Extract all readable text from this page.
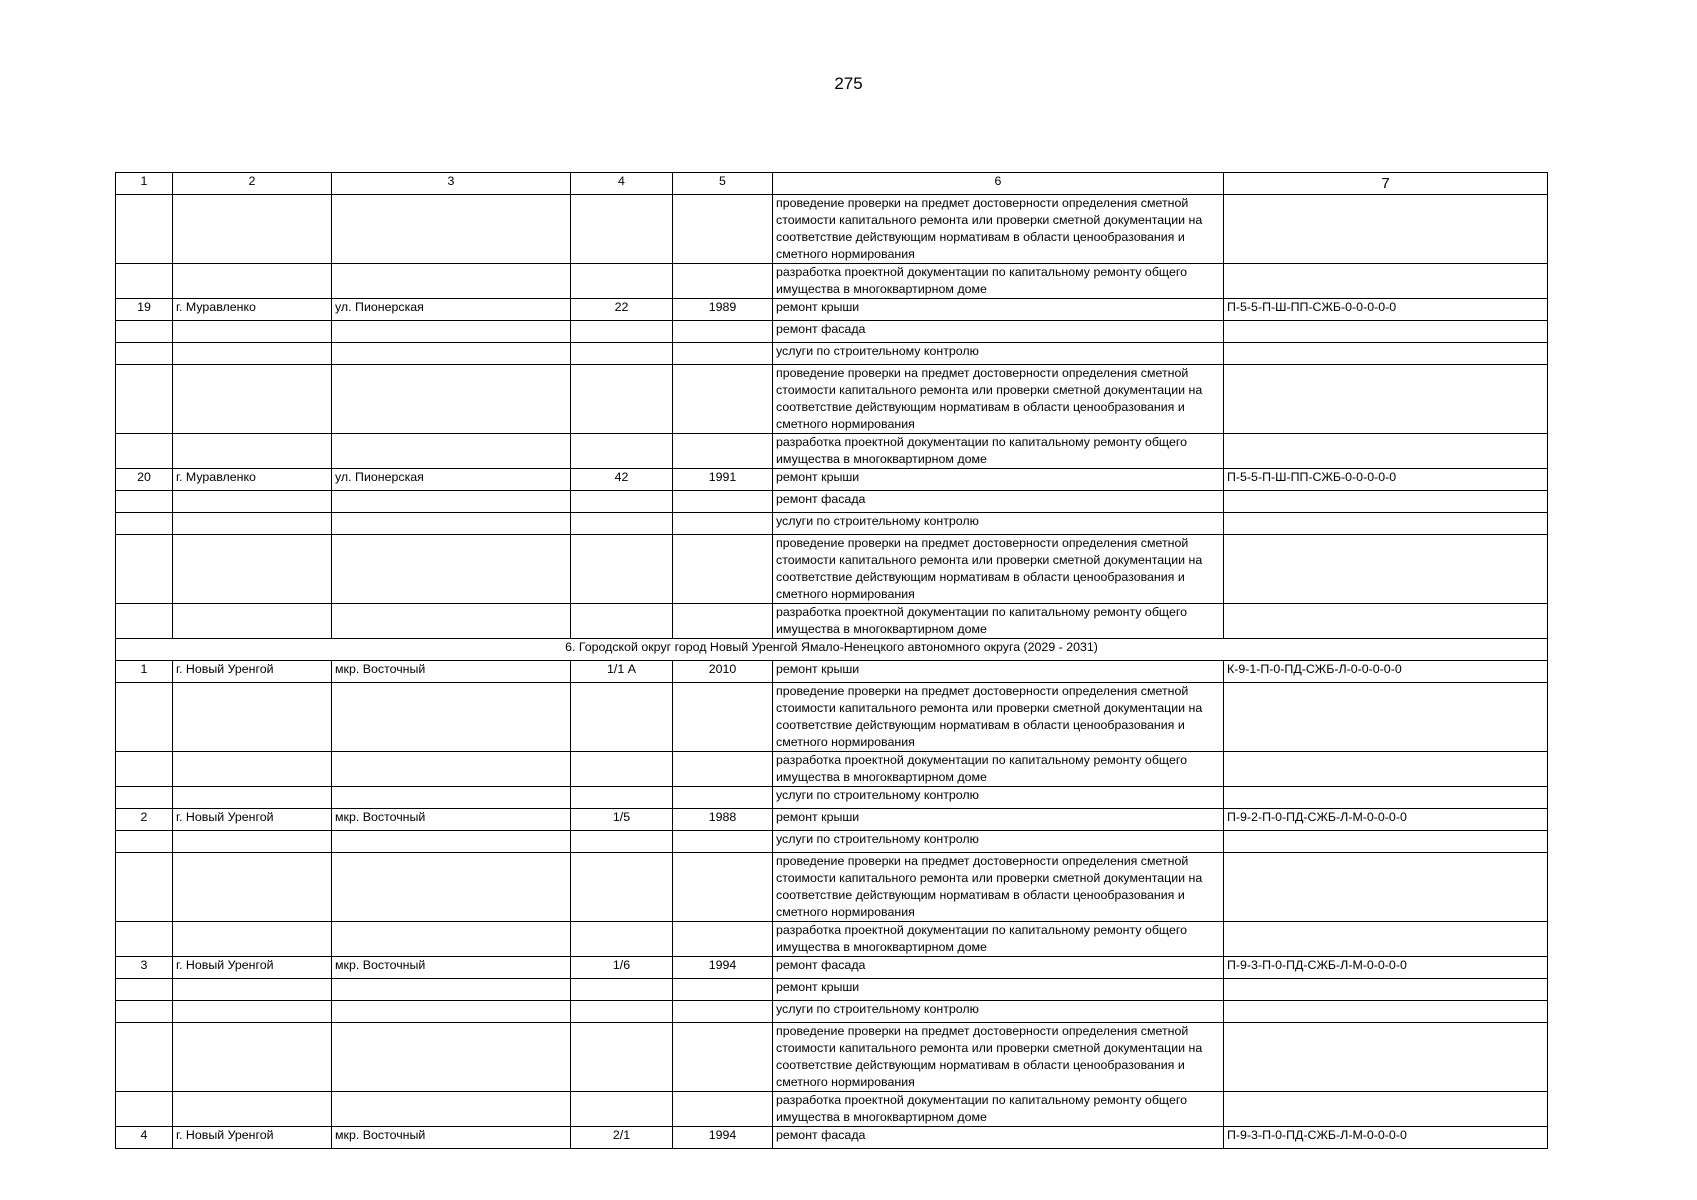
275
1	2	3	4	5	6	7
					проведение проверки на предмет достоверности определения сметной стоимости капитального ремонта или проверки сметной документации на соответствие действующим нормативам в области ценообразования и сметного нормирования	
					разработка проектной документации по капитальному ремонту общего имущества в многоквартирном доме	
19	г. Муравленко	ул. Пионерская	22	1989	ремонт крыши	П-5-5-П-Ш-ПП-СЖБ-0-0-0-0-0
					ремонт фасада	
					услуги по строительному контролю	
					проведение проверки на предмет достоверности определения сметной стоимости капитального ремонта или проверки сметной документации на соответствие действующим нормативам в области ценообразования и сметного нормирования	
					разработка проектной документации по капитальному ремонту общего имущества в многоквартирном доме	
20	г. Муравленко	ул. Пионерская	42	1991	ремонт крыши	П-5-5-П-Ш-ПП-СЖБ-0-0-0-0-0
					ремонт фасада	
					услуги по строительному контролю	
					проведение проверки на предмет достоверности определения сметной стоимости капитального ремонта или проверки сметной документации на соответствие действующим нормативам в области ценообразования и сметного нормирования	
					разработка проектной документации по капитальному ремонту общего имущества в многоквартирном доме	
6. Городской округ город Новый Уренгой Ямало-Ненецкого автономного округа (2029 - 2031)						
1	г. Новый Уренгой	мкр. Восточный	1/1 А	2010	ремонт крыши	К-9-1-П-0-ПД-СЖБ-Л-0-0-0-0-0
					проведение проверки на предмет достоверности определения сметной стоимости капитального ремонта или проверки сметной документации на соответствие действующим нормативам в области ценообразования и сметного нормирования	
					разработка проектной документации по капитальному ремонту общего имущества в многоквартирном доме	
					услуги по строительному контролю	
2	г. Новый Уренгой	мкр. Восточный	1/5	1988	ремонт крыши	П-9-2-П-0-ПД-СЖБ-Л-М-0-0-0-0
					услуги по строительному контролю	
					проведение проверки на предмет достоверности определения сметной стоимости капитального ремонта или проверки сметной документации на соответствие действующим нормативам в области ценообразования и сметного нормирования	
					разработка проектной документации по капитальному ремонту общего имущества в многоквартирном доме	
3	г. Новый Уренгой	мкр. Восточный	1/6	1994	ремонт фасада	П-9-3-П-0-ПД-СЖБ-Л-М-0-0-0-0
					ремонт крыши	
					услуги по строительному контролю	
					проведение проверки на предмет достоверности определения сметной стоимости капитального ремонта или проверки сметной документации на соответствие действующим нормативам в области ценообразования и сметного нормирования	
					разработка проектной документации по капитальному ремонту общего имущества в многоквартирном доме	
4	г. Новый Уренгой	мкр. Восточный	2/1	1994	ремонт фасада	П-9-3-П-0-ПД-СЖБ-Л-М-0-0-0-0
